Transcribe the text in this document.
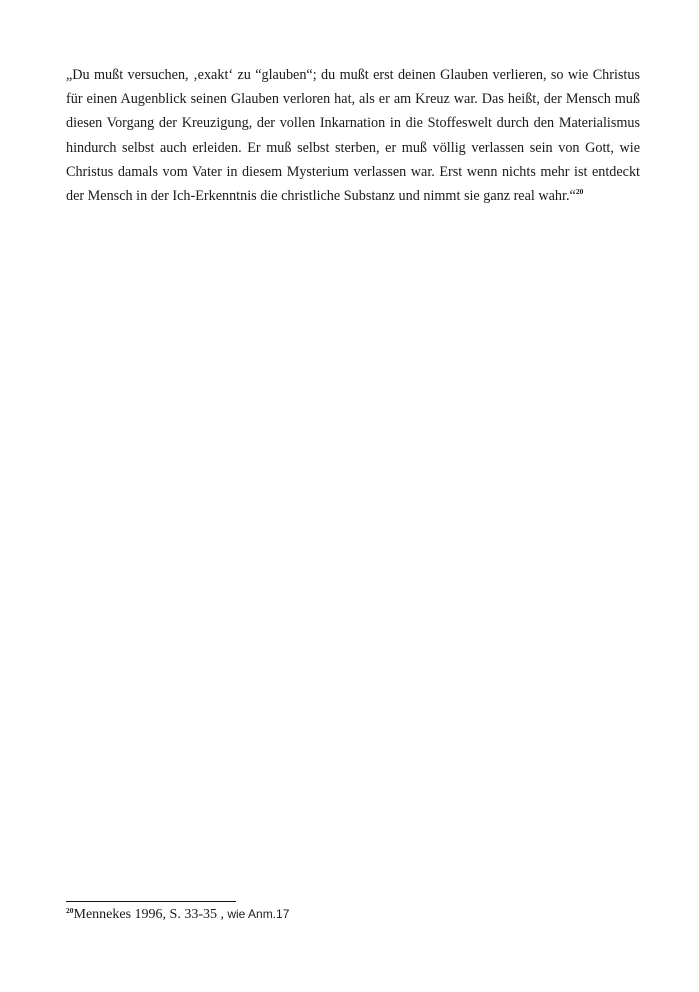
„Du mußt versuchen, ‚exakt‘ zu “glauben“; du mußt erst deinen Glauben verlieren, so wie Christus
für einen Augenblick seinen Glauben verloren hat, als er am Kreuz war. Das heißt, der Mensch muß
diesen Vorgang der Kreuzigung, der vollen Inkarnation in die Stoffeswelt durch den Materialismus
hindurch selbst auch erleiden. Er muß selbst sterben, er muß völlig verlassen sein von Gott, wie
Christus damals vom Vater in diesem Mysterium verlassen war. Erst wenn nichts mehr ist entdeckt
der Mensch in der Ich-Erkenntnis die christliche Substanz und nimmt sie ganz real wahr.“$^{20}$
$^{20}$Mennekes 1996, S. 33-35 , wie Anm.17
